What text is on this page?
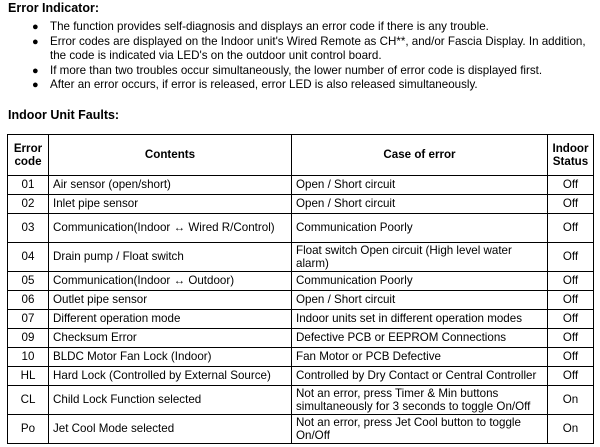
Error Indicator:
● The function provides self-diagnosis and displays an error code if there is any trouble.
● Error codes are displayed on the Indoor unit's Wired Remote as CH**, and/or Fascia Display. In addition, the code is indicated via LED's on the outdoor unit control board.
● If more than two troubles occur simultaneously, the lower number of error code is displayed first.
● After an error occurs, if error is released, error LED is also released simultaneously.
Indoor Unit Faults:
Error code	Contents	Case of error	Indoor Status
01	Air sensor (open/short)	Open / Short circuit	Off
02	Inlet pipe sensor	Open / Short circuit	Off
03	Communication(Indoor ↔ Wired R/Control)	Communication Poorly	Off
04	Drain pump / Float switch	Float switch Open circuit (High level water alarm)	Off
05	Communication(Indoor ↔ Outdoor)	Communication Poorly	Off
06	Outlet pipe sensor	Open / Short circuit	Off
07	Different operation mode	Indoor units set in different operation modes	Off
09	Checksum Error	Defective PCB or EEPROM Connections	Off
10	BLDC Motor Fan Lock (Indoor)	Fan Motor or PCB Defective	Off
HL	Hard Lock (Controlled by External Source)	Controlled by Dry Contact or Central Controller	Off
CL	Child Lock Function selected	Not an error, press Timer & Min buttons simultaneously for 3 seconds to toggle On/Off	On
Po	Jet Cool Mode selected	Not an error, press Jet Cool button to toggle On/Off	On
